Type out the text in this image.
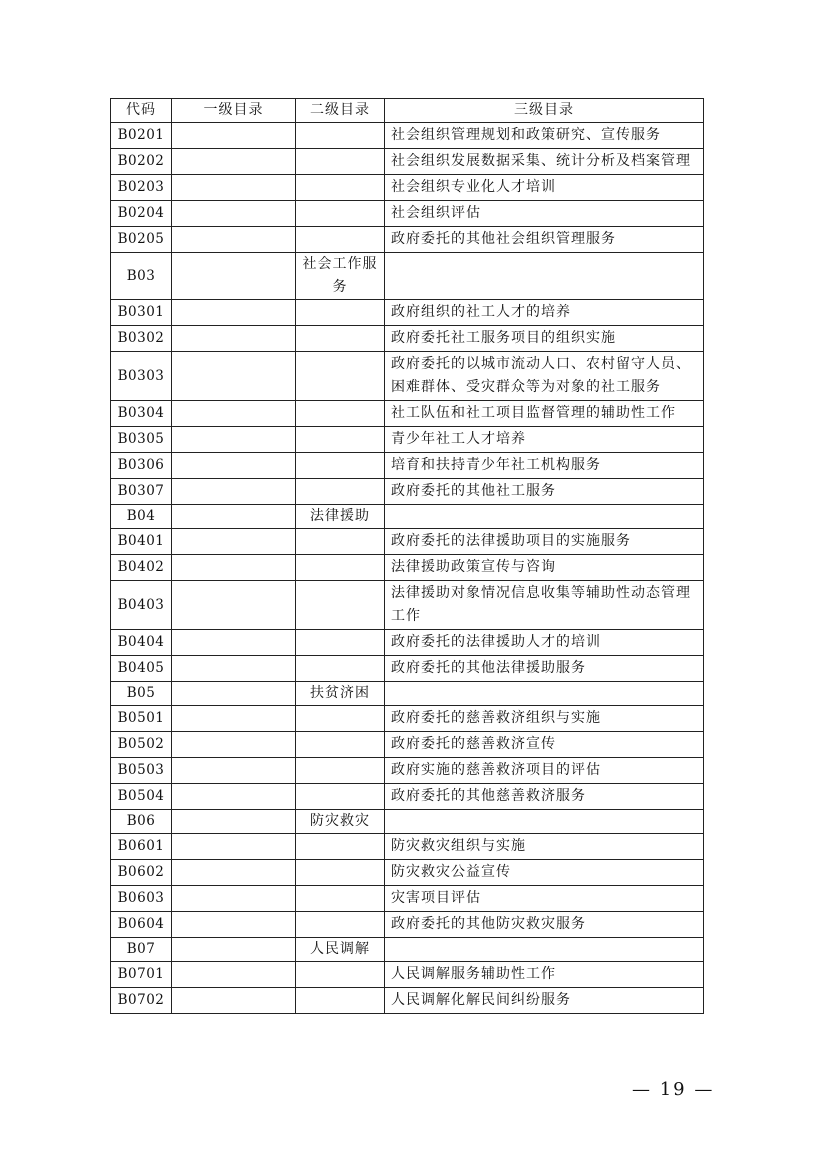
代码	一级目录	二级目录	三级目录
B0201			社会组织管理规划和政策研究、宣传服务
B0202			社会组织发展数据采集、统计分析及档案管理
B0203			社会组织专业化人才培训
B0204			社会组织评估
B0205			政府委托的其他社会组织管理服务
B03		社会工作服务	
B0301			政府组织的社工人才的培养
B0302			政府委托社工服务项目的组织实施
B0303			政府委托的以城市流动人口、农村留守人员、困难群体、受灾群众等为对象的社工服务
B0304			社工队伍和社工项目监督管理的辅助性工作
B0305			青少年社工人才培养
B0306			培育和扶持青少年社工机构服务
B0307			政府委托的其他社工服务
B04		法律援助	
B0401			政府委托的法律援助项目的实施服务
B0402			法律援助政策宣传与咨询
B0403			法律援助对象情况信息收集等辅助性动态管理工作
B0404			政府委托的法律援助人才的培训
B0405			政府委托的其他法律援助服务
B05		扶贫济困	
B0501			政府委托的慈善救济组织与实施
B0502			政府委托的慈善救济宣传
B0503			政府实施的慈善救济项目的评估
B0504			政府委托的其他慈善救济服务
B06		防灾救灾	
B0601			防灾救灾组织与实施
B0602			防灾救灾公益宣传
B0603			灾害项目评估
B0604			政府委托的其他防灾救灾服务
B07		人民调解	
B0701			人民调解服务辅助性工作
B0702			人民调解化解民间纠纷服务
— 19 —
